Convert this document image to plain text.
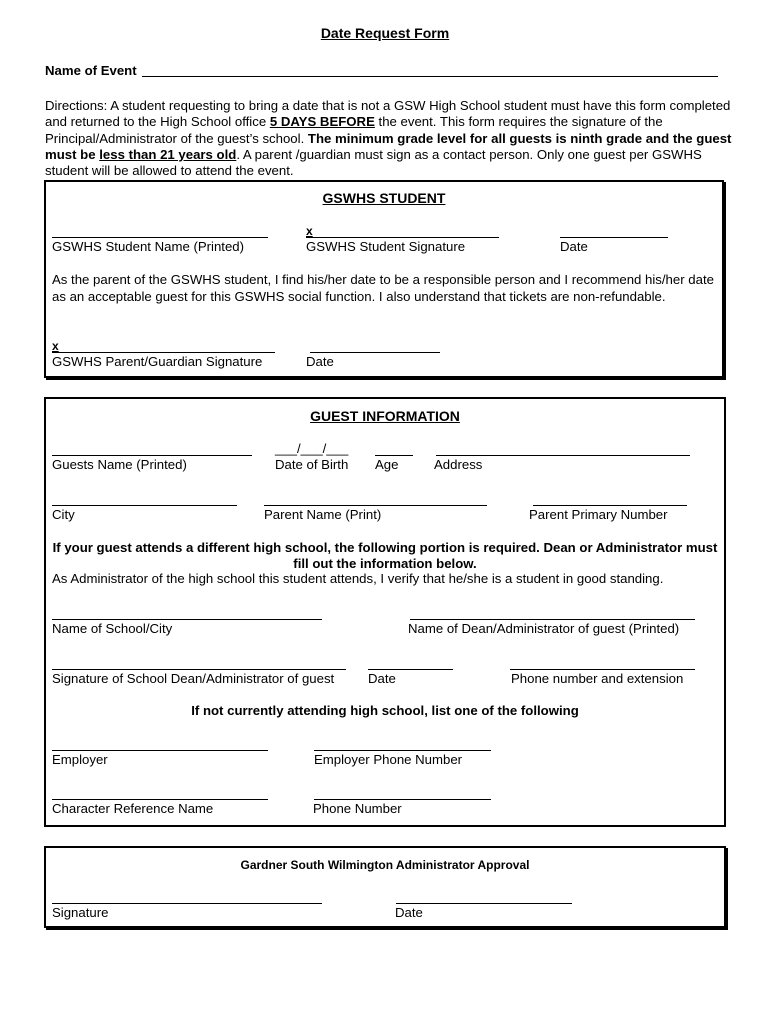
Date Request Form
Name of Event
Directions: A student requesting to bring a date that is not a GSW High School student must have this form completed and returned to the High School office 5 DAYS BEFORE the event. This form requires the signature of the Principal/Administrator of the guest’s school. The minimum grade level for all guests is ninth grade and the guest must be less than 21 years old. A parent /guardian must sign as a contact person. Only one guest per GSWHS student will be allowed to attend the event.
GSWHS STUDENT
x
GSWHS Student Name (Printed)	GSWHS Student Signature	Date
As the parent of the GSWHS student, I find his/her date to be a responsible person and I recommend his/her date as an acceptable guest for this GSWHS social function. I also understand that tickets are non-refundable.
x
GSWHS Parent/Guardian Signature	Date
GUEST INFORMATION
___/___/___
Guests Name (Printed)	Date of Birth Age	Address
City	Parent Name (Print)	Parent Primary Number
If your guest attends a different high school, the following portion is required. Dean or Administrator must fill out the information below.
As Administrator of the high school this student attends, I verify that he/she is a student in good standing.
Name of School/City	Name of Dean/Administrator of guest (Printed)
Signature of School Dean/Administrator of guest	Date	Phone number and extension
If not currently attending high school, list one of the following
Employer	Employer Phone Number
Character Reference Name	Phone Number
Gardner South Wilmington Administrator Approval
Signature	Date
